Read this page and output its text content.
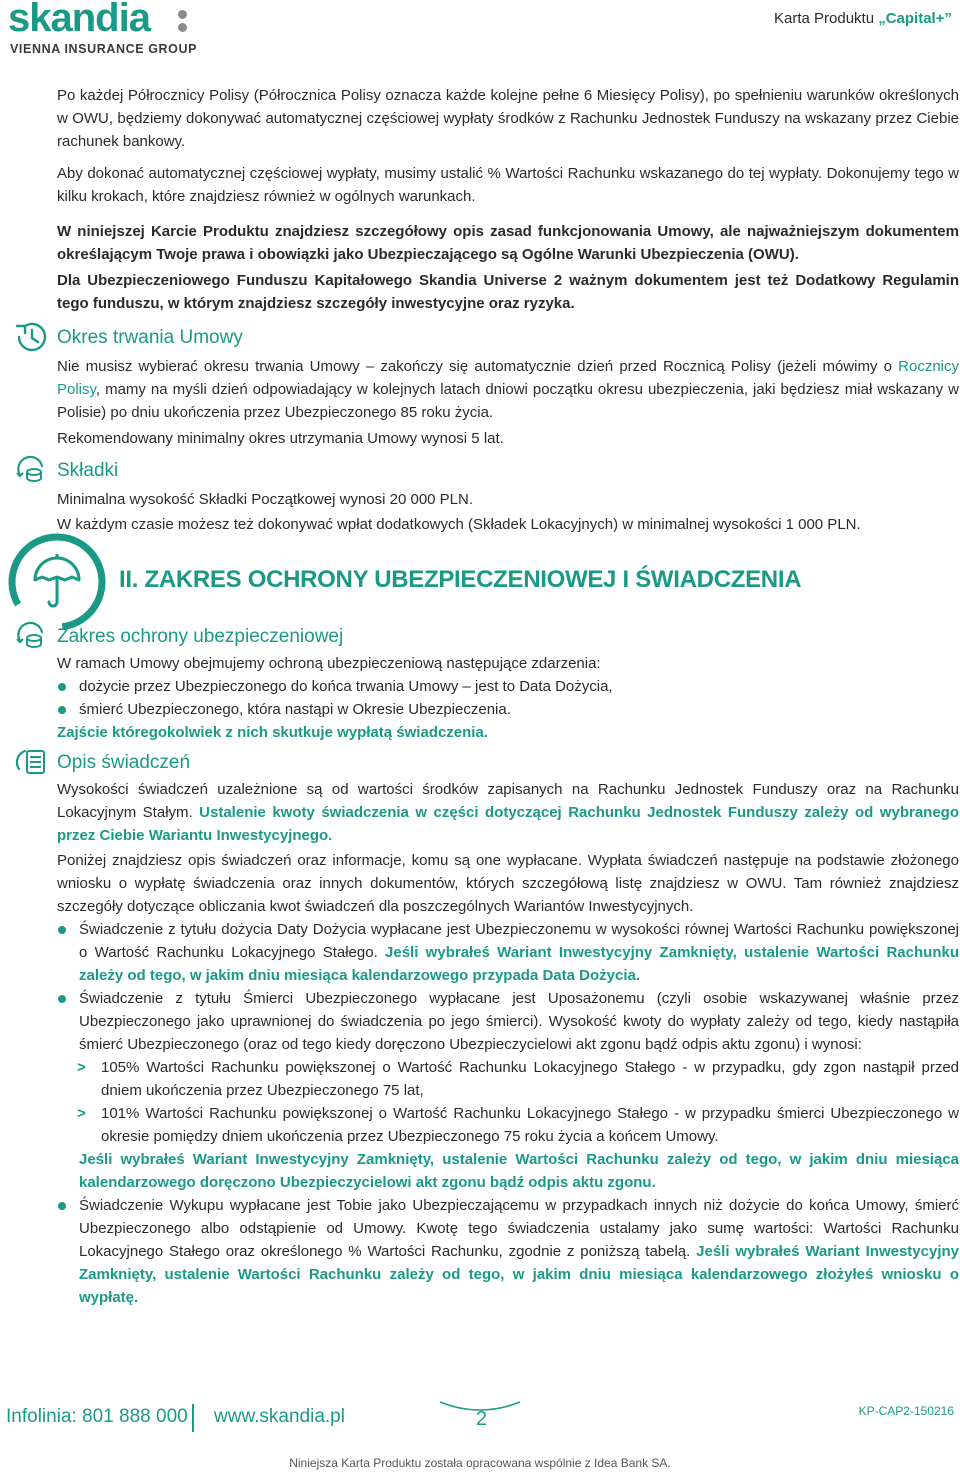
skandia
VIENNA INSURANCE GROUP
Karta Produktu „Capital+”

Po każdej Półrocznicy Polisy (Półrocznica Polisy oznacza każde kolejne pełne 6 Miesięcy Polisy), po spełnieniu warunków określonych w OWU, będziemy dokonywać automatycznej częściowej wypłaty środków z Rachunku Jednostek Funduszy na wskazany przez Ciebie rachunek bankowy.

Aby dokonać automatycznej częściowej wypłaty, musimy ustalić % Wartości Rachunku wskazanego do tej wypłaty. Dokonujemy tego w kilku krokach, które znajdziesz również w ogólnych warunkach.

W niniejszej Karcie Produktu znajdziesz szczegółowy opis zasad funkcjonowania Umowy, ale najważniejszym dokumentem określającym Twoje prawa i obowiązki jako Ubezpieczającego są Ogólne Warunki Ubezpieczenia (OWU).

Dla Ubezpieczeniowego Funduszu Kapitałowego Skandia Universe 2 ważnym dokumentem jest też Dodatkowy Regulamin tego funduszu, w którym znajdziesz szczegóły inwestycyjne oraz ryzyka.

Okres trwania Umowy

Nie musisz wybierać okresu trwania Umowy – zakończy się automatycznie dzień przed Rocznicą Polisy (jeżeli mówimy o Rocznicy Polisy, mamy na myśli dzień odpowiadający w kolejnych latach dniowi początku okresu ubezpieczenia, jaki będziesz miał wskazany w Polisie) po dniu ukończenia przez Ubezpieczonego 85 roku życia.

Rekomendowany minimalny okres utrzymania Umowy wynosi 5 lat.

Składki

Minimalna wysokość Składki Początkowej wynosi 20 000 PLN.

W każdym czasie możesz też dokonywać wpłat dodatkowych (Składek Lokacyjnych) w minimalnej wysokości 1 000 PLN.

II. ZAKRES OCHRONY UBEZPIECZENIOWEJ I ŚWIADCZENIA
Zakres ochrony ubezpieczeniowej

W ramach Umowy obejmujemy ochroną ubezpieczeniową następujące zdarzenia:

dożycie przez Ubezpieczonego do końca trwania Umowy – jest to Data Dożycia,

śmierć Ubezpieczonego, która nastąpi w Okresie Ubezpieczenia.

Zajście któregokolwiek z nich skutkuje wypłatą świadczenia.

Opis świadczeń

Wysokości świadczeń uzależnione są od wartości środków zapisanych na Rachunku Jednostek Funduszy oraz na Rachunku Lokacyjnym Stałym. Ustalenie kwoty świadczenia w części dotyczącej Rachunku Jednostek Funduszy zależy od wybranego przez Ciebie Wariantu Inwestycyjnego.

Poniżej znajdziesz opis świadczeń oraz informacje, komu są one wypłacane. Wypłata świadczeń następuje na podstawie złożonego wniosku o wypłatę świadczenia oraz innych dokumentów, których szczegółową listę znajdziesz w OWU. Tam również znajdziesz szczegóły dotyczące obliczania kwot świadczeń dla poszczególnych Wariantów Inwestycyjnych.

Świadczenie z tytułu dożycia Daty Dożycia wypłacane jest Ubezpieczonemu w wysokości równej Wartości Rachunku powiększonej o Wartość Rachunku Lokacyjnego Stałego. Jeśli wybrałeś Wariant Inwestycyjny Zamknięty, ustalenie Wartości Rachunku zależy od tego, w jakim dniu miesiąca kalendarzowego przypada Data Dożycia.

Świadczenie z tytułu Śmierci Ubezpieczonego wypłacane jest Uposażonemu (czyli osobie wskazywanej właśnie przez Ubezpieczonego jako uprawnionej do świadczenia po jego śmierci). Wysokość kwoty do wypłaty zależy od tego, kiedy nastąpiła śmierć Ubezpieczonego (oraz od tego kiedy doręczono Ubezpieczycielowi akt zgonu bądź odpis aktu zgonu) i wynosi:

> 105% Wartości Rachunku powiększonej o Wartość Rachunku Lokacyjnego Stałego - w przypadku, gdy zgon nastąpił przed dniem ukończenia przez Ubezpieczonego 75 lat,

> 101% Wartości Rachunku powiększonej o Wartość Rachunku Lokacyjnego Stałego - w przypadku śmierci Ubezpieczonego w okresie pomiędzy dniem ukończenia przez Ubezpieczonego 75 roku życia a końcem Umowy.

Jeśli wybrałeś Wariant Inwestycyjny Zamknięty, ustalenie Wartości Rachunku zależy od tego, w jakim dniu miesiąca kalendarzowego doręczono Ubezpieczycielowi akt zgonu bądź odpis aktu zgonu.

Świadczenie Wykupu wypłacane jest Tobie jako Ubezpieczającemu w przypadkach innych niż dożycie do końca Umowy, śmierć Ubezpieczonego albo odstąpienie od Umowy. Kwotę tego świadczenia ustalamy jako sumę wartości: Wartości Rachunku Lokacyjnego Stałego oraz określonego % Wartości Rachunku, zgodnie z poniższą tabelą. Jeśli wybrałeś Wariant Inwestycyjny Zamknięty, ustalenie Wartości Rachunku zależy od tego, w jakim dniu miesiąca kalendarzowego złożyłeś wniosku o wypłatę.

Infolinia: 801 888 000 www.skandia.pl	2	KP-CAP2-150216
Niniejsza Karta Produktu została opracowana wspólnie z Idea Bank SA.
